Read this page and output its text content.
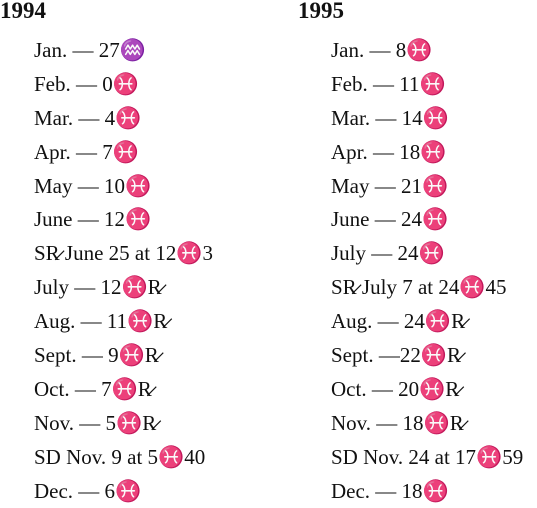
1994
Jan. — 27♒
Feb. — 0♓
Mar. — 4♓
Apr. — 7♓
May — 10♓
June — 12♓
SR̷ June 25 at 12♓3
July — 12♓R̷
Aug. — 11♓R̷
Sept. — 9♓R̷
Oct. — 7♓R̷
Nov. — 5♓R̷
SD Nov. 9 at 5♓40
Dec. — 6♓
1995
Jan. — 8♓
Feb. — 11♓
Mar. — 14♓
Apr. — 18♓
May — 21♓
June — 24♓
July — 24♓
SR̷ July 7 at 24♓45
Aug. — 24♓R̷
Sept. —22♓R̷
Oct. — 20♓R̷
Nov. — 18♓R̷
SD Nov. 24 at 17♓59
Dec. — 18♓
